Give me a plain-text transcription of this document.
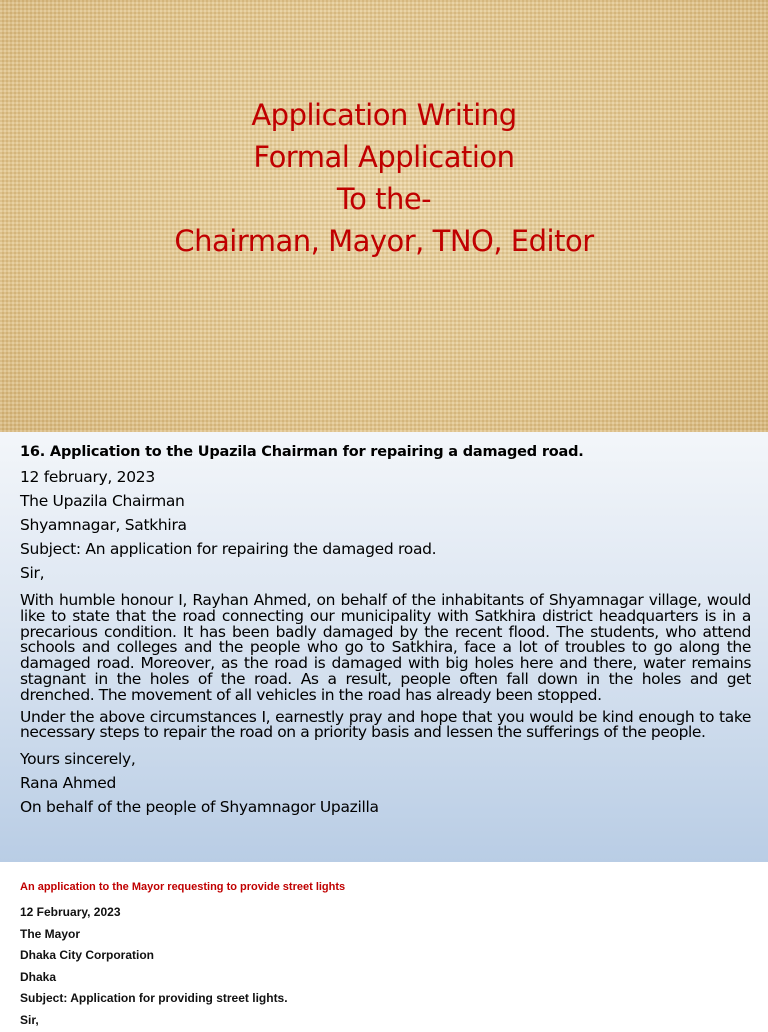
Application Writing
Formal Application
To the-
Chairman, Mayor, TNO, Editor
16. Application to the Upazila Chairman for repairing a damaged road.
12 february, 2023
The Upazila Chairman
Shyamnagar, Satkhira
Subject: An application for repairing the damaged road.
Sir,
With humble honour I, Rayhan Ahmed, on behalf of the inhabitants of Shyamnagar village, would like to state that the road connecting our municipality with Satkhira district headquarters is in a precarious condition. It has been badly damaged by the recent flood. The students, who attend schools and colleges and the people who go to Satkhira, face a lot of troubles to go along the damaged road. Moreover, as the road is damaged with big holes here and there, water remains stagnant in the holes of the road. As a result, people often fall down in the holes and get drenched. The movement of all vehicles in the road has already been stopped.
Under the above circumstances I, earnestly pray and hope that you would be kind enough to take necessary steps to repair the road on a priority basis and lessen the sufferings of the people.
Yours sincerely,
Rana Ahmed
On behalf of the people of Shyamnagor Upazilla
An application to the Mayor requesting to provide street lights
12 February, 2023
The Mayor
Dhaka City Corporation
Dhaka
Subject: Application for providing street lights.
Sir,
